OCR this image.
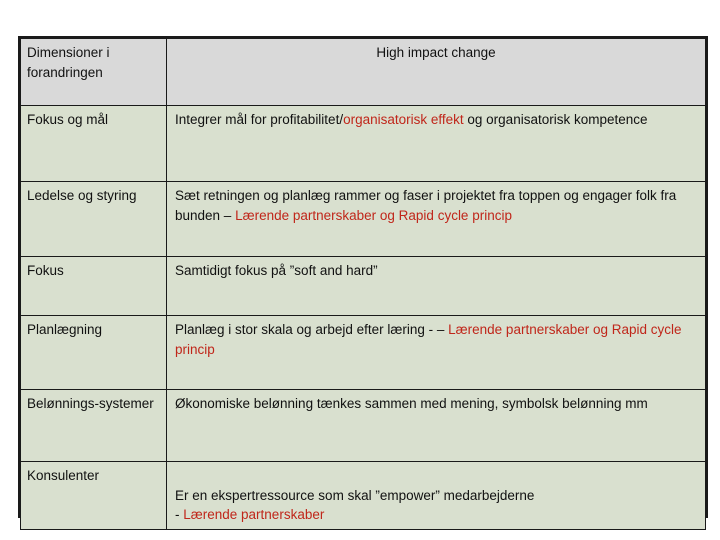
Dimensioner i forandringen	High impact change
Fokus og mål	Integrer mål for profitabilitet/organisatorisk effekt og organisatorisk kompetence
Ledelse og styring	Sæt retningen og planlæg rammer og faser i projektet fra toppen og engager folk fra bunden – Lærende partnerskaber og Rapid cycle princip
Fokus	Samtidigt fokus på ”soft and hard”
Planlægning	Planlæg i stor skala og arbejd efter læring - – Lærende partnerskaber og Rapid cycle princip
Belønnings-systemer	Økonomiske belønning tænkes sammen med mening, symbolsk belønning mm
Konsulenter	Er en ekspertressource som skal ”empower” medarbejderne
- Lærende partnerskaber
